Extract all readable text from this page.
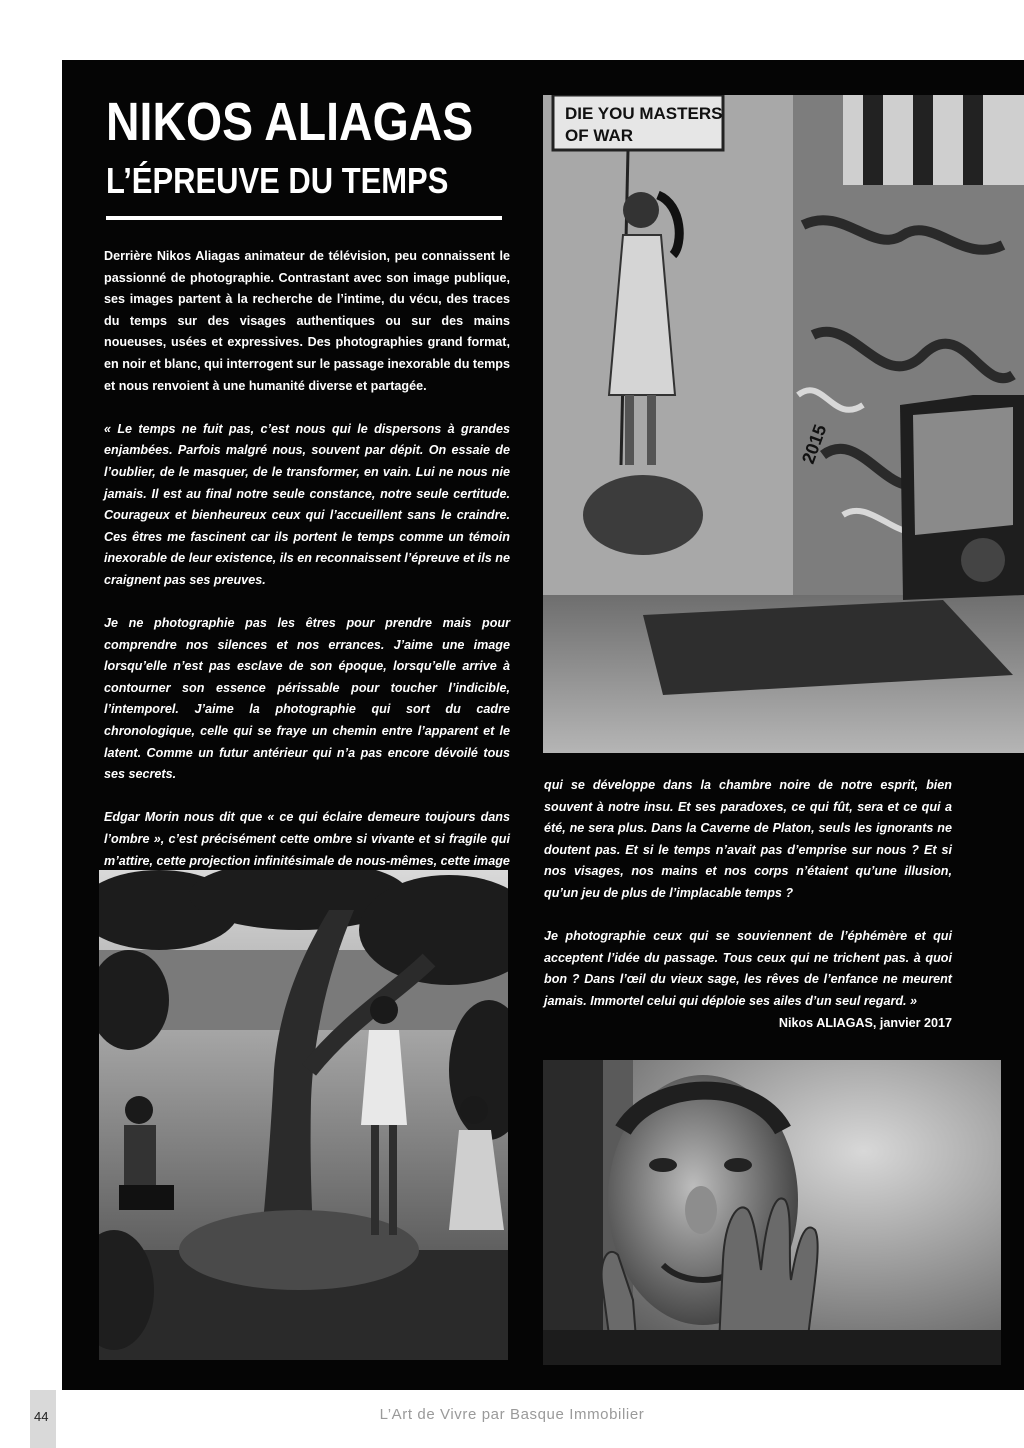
NIKOS ALIAGAS
L’ÉPREUVE DU TEMPS

Derrière Nikos Aliagas animateur de télévision, peu connaissent le passionné de photographie. Contrastant avec son image publique, ses images partent à la recherche de l’intime, du vécu, des traces du temps sur des visages authentiques ou sur des mains noueuses, usées et expressives. Des photographies grand format, en noir et blanc, qui interrogent sur le passage inexorable du temps et nous renvoient à une humanité diverse et partagée.

« Le temps ne fuit pas, c’est nous qui le dispersons à grandes enjambées. Parfois malgré nous, souvent par dépit. On essaie de l’oublier, de le masquer, de le transformer, en vain. Lui ne nous nie jamais. Il est au final notre seule constance, notre seule certitude. Courageux et bienheureux ceux qui l’accueillent sans le craindre. Ces êtres me fascinent car ils portent le temps comme un témoin inexorable de leur existence, ils en reconnaissent l’épreuve et ils ne craignent pas ses preuves.

Je ne photographie pas les êtres pour prendre mais pour comprendre nos silences et nos errances. J’aime une image lorsqu’elle n’est pas esclave de son époque, lorsqu’elle arrive à contourner son essence périssable pour toucher l’indicible, l’intemporel. J’aime la photographie qui sort du cadre chronologique, celle qui se fraye un chemin entre l’apparent et le latent. Comme un futur antérieur qui n’a pas encore dévoilé tous ses secrets.

Edgar Morin nous dit que « ce qui éclaire demeure toujours dans l’ombre », c’est précisément cette ombre si vivante et si fragile qui m’attire, cette projection infinitésimale de nous-mêmes, cette image

qui se développe dans la chambre noire de notre esprit, bien souvent à notre insu. Et ses paradoxes, ce qui fût, sera et ce qui a été, ne sera plus. Dans la Caverne de Platon, seuls les ignorants ne doutent pas. Et si le temps n’avait pas d’emprise sur nous ? Et si nos visages, nos mains et nos corps n’étaient qu’une illusion, qu’un jeu de plus de l’implacable temps ?

Je photographie ceux qui se souviennent de l’éphémère et qui acceptent l’idée du passage. Tous ceux qui ne trichent pas. à quoi bon ? Dans l’œil du vieux sage, les rêves de l’enfance ne meurent jamais. Immortel celui qui déploie ses ailes d’un seul regard. »

Nikos ALIAGAS, janvier 2017

DIE YOU MASTERS
OF WAR
2015
44	L’Art de Vivre par Basque Immobilier
